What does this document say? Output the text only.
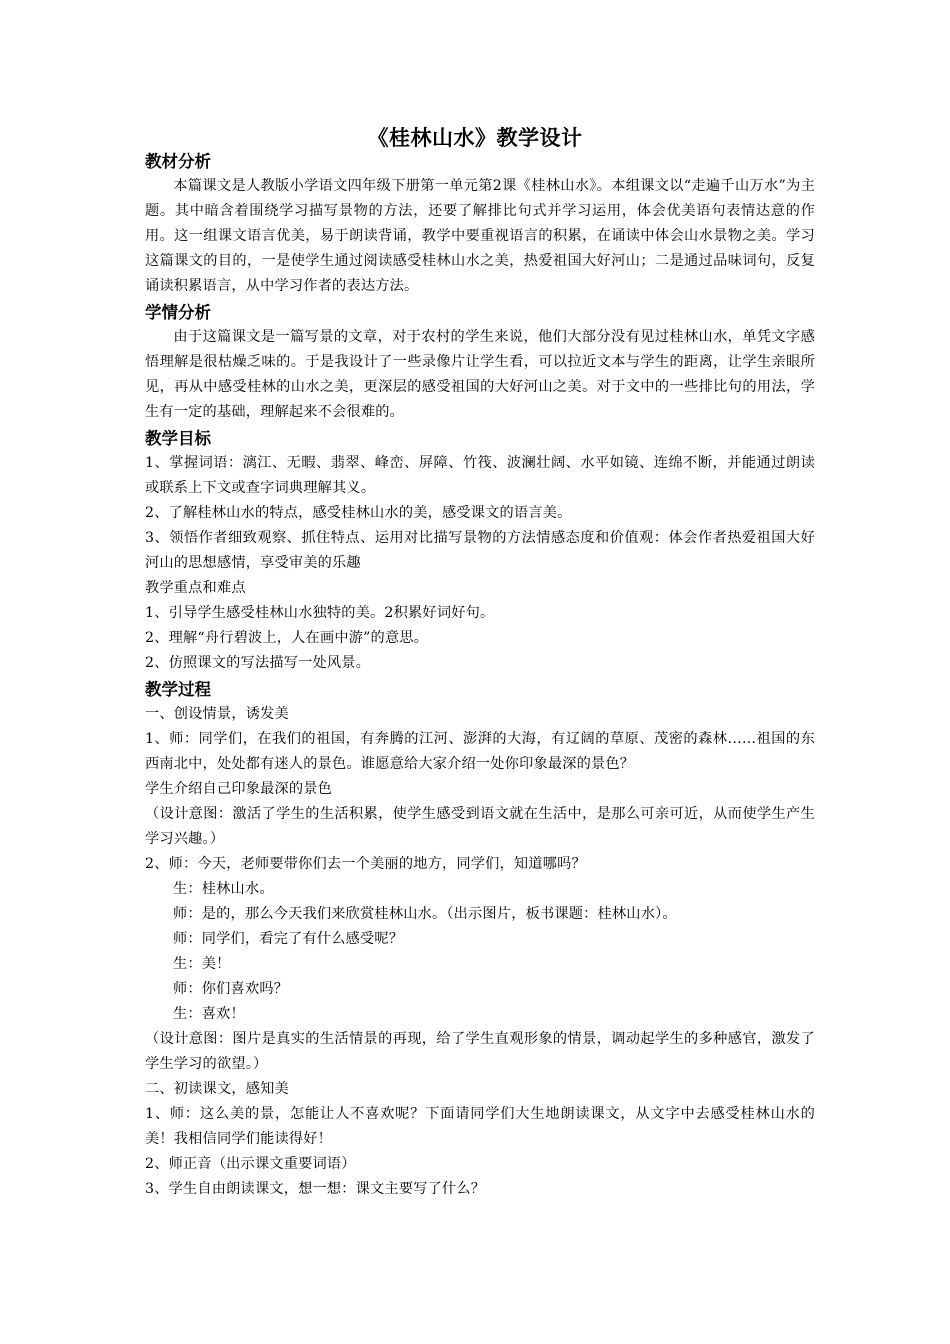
《桂林山水》教学设计
教材分析

本篇课文是人教版小学语文四年级下册第一单元第2课《桂林山水》。本组课文以“走遍千山万水”为主题。其中暗含着围绕学习描写景物的方法，还要了解排比句式并学习运用，体会优美语句表情达意的作用。这一组课文语言优美，易于朗读背诵，教学中要重视语言的积累，在诵读中体会山水景物之美。学习这篇课文的目的，一是使学生通过阅读感受桂林山水之美，热爱祖国大好河山；二是通过品味词句，反复诵读积累语言，从中学习作者的表达方法。

学情分析

由于这篇课文是一篇写景的文章，对于农村的学生来说，他们大部分没有见过桂林山水，单凭文字感悟理解是很枯燥乏味的。于是我设计了一些录像片让学生看，可以拉近文本与学生的距离，让学生亲眼所见，再从中感受桂林的山水之美，更深层的感受祖国的大好河山之美。对于文中的一些排比句的用法，学生有一定的基础，理解起来不会很难的。

教学目标

1、掌握词语：漓江、无暇、翡翠、峰峦、屏障、竹筏、波澜壮阔、水平如镜、连绵不断，并能通过朗读或联系上下文或查字词典理解其义。

2、了解桂林山水的特点，感受桂林山水的美，感受课文的语言美。

3、领悟作者细致观察、抓住特点、运用对比描写景物的方法情感态度和价值观：体会作者热爱祖国大好河山的思想感情，享受审美的乐趣

教学重点和难点

1、引导学生感受桂林山水独特的美。2积累好词好句。

2、理解“舟行碧波上，人在画中游”的意思。

2、仿照课文的写法描写一处风景。

教学过程

一、创设情景，诱发美

1、师：同学们，在我们的祖国，有奔腾的江河、澎湃的大海，有辽阔的草原、茂密的森林……祖国的东西南北中，处处都有迷人的景色。谁愿意给大家介绍一处你印象最深的景色？

学生介绍自己印象最深的景色

（设计意图：激活了学生的生活积累，使学生感受到语文就在生活中，是那么可亲可近，从而使学生产生学习兴趣。）

2、师：今天，老师要带你们去一个美丽的地方，同学们，知道哪吗？

生：桂林山水。

师：是的，那么今天我们来欣赏桂林山水。（出示图片，板书课题：桂林山水）。

师：同学们，看完了有什么感受呢？

生：美！

师：你们喜欢吗？

生：喜欢！

（设计意图：图片是真实的生活情景的再现，给了学生直观形象的情景，调动起学生的多种感官，激发了学生学习的欲望。）

二、初读课文，感知美

1、师：这么美的景，怎能让人不喜欢呢？下面请同学们大生地朗读课文，从文字中去感受桂林山水的美！我相信同学们能读得好！

2、师正音（出示课文重要词语）

3、学生自由朗读课文，想一想：课文主要写了什么？
